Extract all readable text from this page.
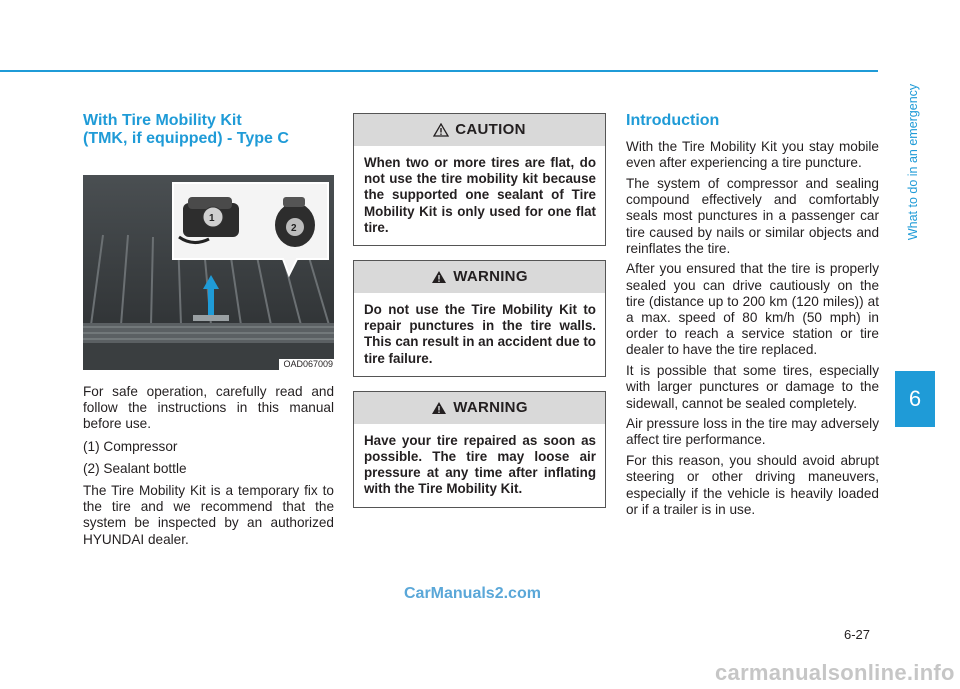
What to do in an emergency
6
With Tire Mobility Kit
(TMK, if equipped) - Type C
1
2
OAD067009

For safe operation, carefully read and follow the instructions in this manual before use.

(1) Compressor

(2) Sealant bottle

The Tire Mobility Kit is a temporary fix to the tire and we recommend that the system be inspected by an authorized HYUNDAI dealer.

CAUTION
When two or more tires are flat, do not use the tire mobility kit because the supported one sealant of Tire Mobility Kit is only used for one flat tire.
WARNING
Do not use the Tire Mobility Kit to repair punctures in the tire walls. This can result in an accident due to tire failure.
WARNING
Have your tire repaired as soon as possible. The tire may loose air pressure at any time after inflating with the Tire Mobility Kit.
Introduction

With the Tire Mobility Kit you stay mobile even after experiencing a tire puncture.

The system of compressor and sealing compound effectively and comfortably seals most punctures in a passenger car tire caused by nails or similar objects and reinflates the tire.

After you ensured that the tire is properly sealed you can drive cautiously on the tire (distance up to 200 km (120 miles)) at a max. speed of 80 km/h (50 mph) in order to reach a service station or tire dealer to have the tire replaced.

It is possible that some tires, especially with larger punctures or damage to the sidewall, cannot be sealed completely.

Air pressure loss in the tire may adversely affect tire performance.

For this reason, you should avoid abrupt steering or other driving maneuvers, especially if the vehicle is heavily loaded or if a trailer is in use.

6-27
CarManuals2.com
carmanualsonline.info
